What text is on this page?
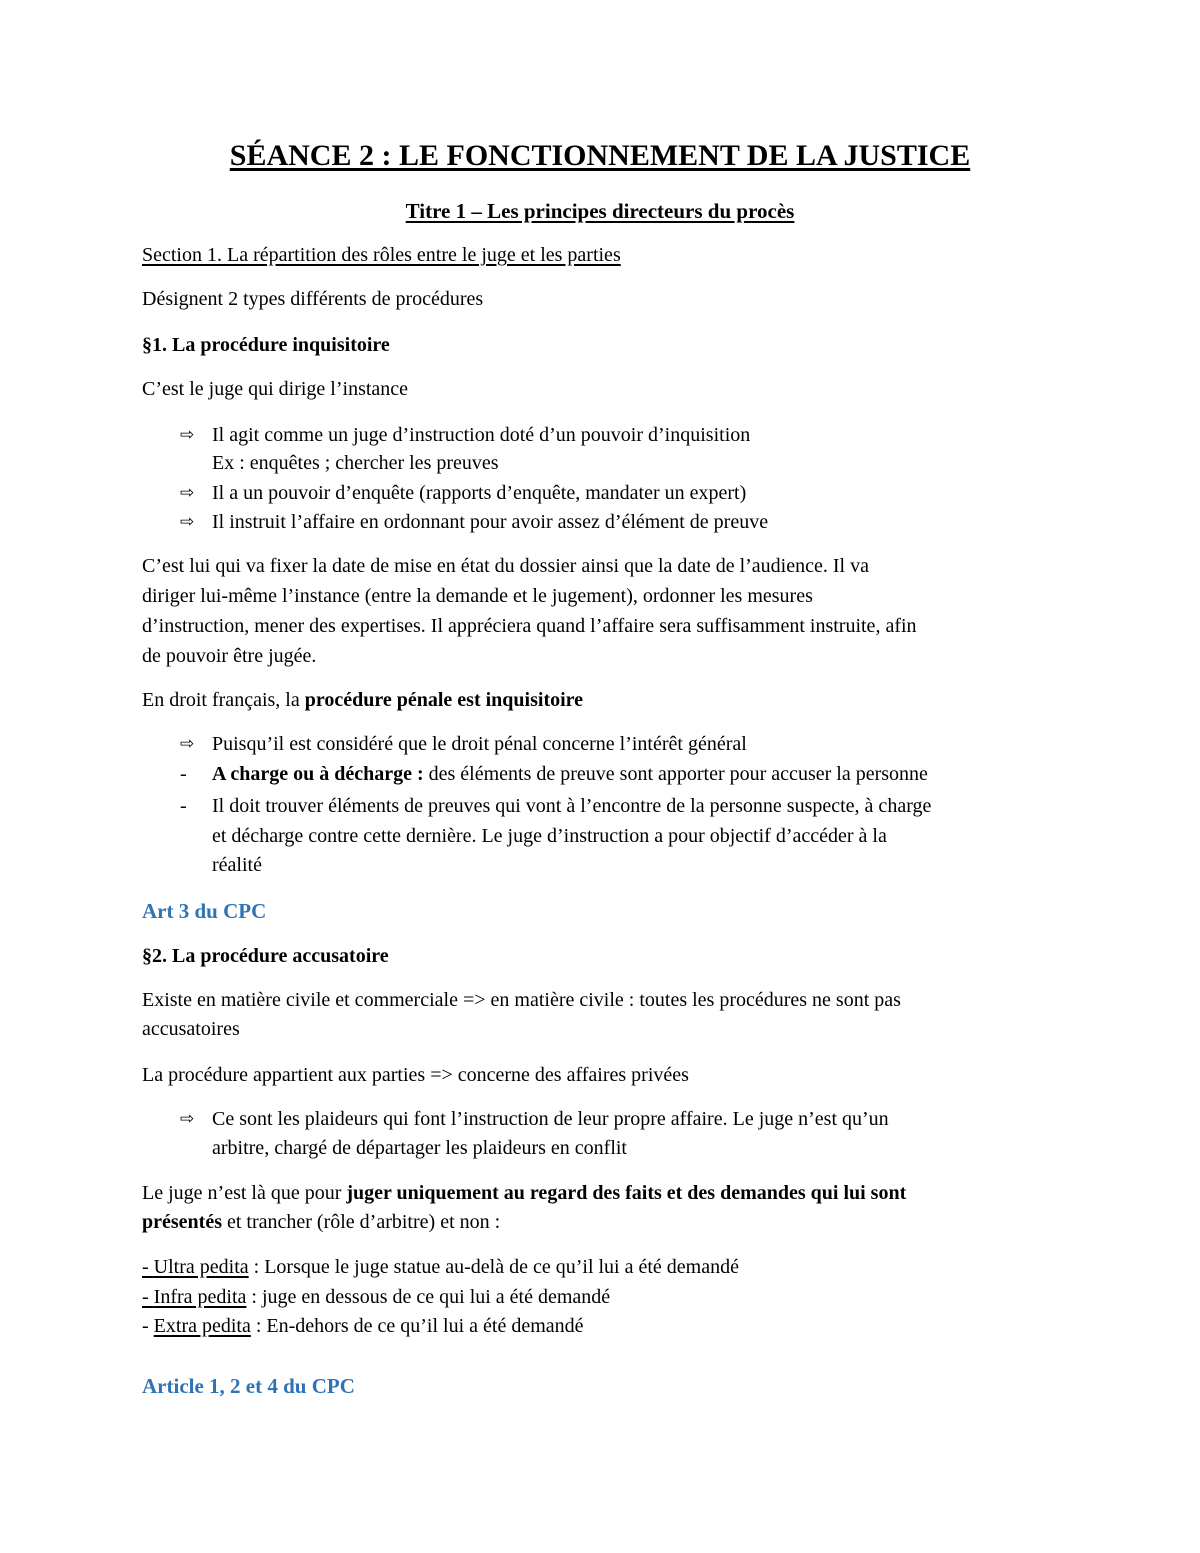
SÉANCE 2 : LE FONCTIONNEMENT DE LA JUSTICE
Titre 1 – Les principes directeurs du procès
Section 1. La répartition des rôles entre le juge et les parties
Désignent 2 types différents de procédures
§1. La procédure inquisitoire
C’est le juge qui dirige l’instance
⇨ Il agit comme un juge d’instruction doté d’un pouvoir d’inquisition
Ex : enquêtes ; chercher les preuves
⇨ Il a un pouvoir d’enquête (rapports d’enquête, mandater un expert)
⇨ Il instruit l’affaire en ordonnant pour avoir assez d’élément de preuve
C’est lui qui va fixer la date de mise en état du dossier ainsi que la date de l’audience. Il va
diriger lui-même l’instance (entre la demande et le jugement), ordonner les mesures
d’instruction, mener des expertises. Il appréciera quand l’affaire sera suffisamment instruite, afin
de pouvoir être jugée.
En droit français, la procédure pénale est inquisitoire
⇨ Puisqu’il est considéré que le droit pénal concerne l’intérêt général
- A charge ou à décharge : des éléments de preuve sont apporter pour accuser la personne
- Il doit trouver éléments de preuves qui vont à l’encontre de la personne suspecte, à charge
et décharge contre cette dernière. Le juge d’instruction a pour objectif d’accéder à la
réalité
Art 3 du CPC
§2. La procédure accusatoire
Existe en matière civile et commerciale => en matière civile : toutes les procédures ne sont pas
accusatoires
La procédure appartient aux parties => concerne des affaires privées
⇨ Ce sont les plaideurs qui font l’instruction de leur propre affaire. Le juge n’est qu’un
arbitre, chargé de départager les plaideurs en conflit
Le juge n’est là que pour juger uniquement au regard des faits et des demandes qui lui sont
présentés et trancher (rôle d’arbitre) et non :
- Ultra pedita : Lorsque le juge statue au-delà de ce qu’il lui a été demandé
- Infra pedita : juge en dessous de ce qui lui a été demandé
- Extra pedita : En-dehors de ce qu’il lui a été demandé
Article 1, 2 et 4 du CPC
